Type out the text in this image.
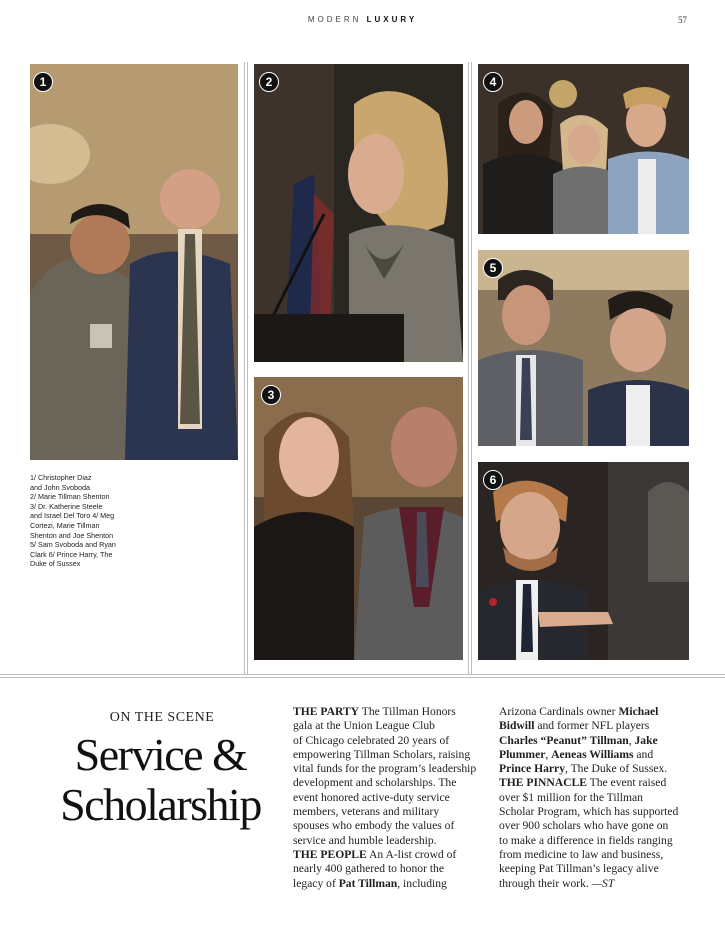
MODERN LUXURY	57
1
1/ Christopher Diaz
and John Svoboda
2/ Marie Tillman Shenton
3/ Dr. Katherine Steele
and Israel Del Toro 4/ Meg
Cortezi, Marie Tillman
Shenton and Joe Shenton
5/ Sam Svoboda and Ryan
Clark 6/ Prince Harry, The
Duke of Sussex
2
3
4
5
6
ON THE SCENE
Service &
Scholarship
THE PARTY The Tillman Honors
gala at the Union League Club
of Chicago celebrated 20 years of
empowering Tillman Scholars, raising
vital funds for the program’s leadership
development and scholarships. The
event honored active-duty service
members, veterans and military
spouses who embody the values of
service and humble leadership.
THE PEOPLE An A-list crowd of
nearly 400 gathered to honor the
legacy of Pat Tillman, including
Arizona Cardinals owner Michael
Bidwill and former NFL players
Charles “Peanut” Tillman, Jake
Plummer, Aeneas Williams and
Prince Harry, The Duke of Sussex.
THE PINNACLE The event raised
over $1 million for the Tillman
Scholar Program, which has supported
over 900 scholars who have gone on
to make a difference in fields ranging
from medicine to law and business,
keeping Pat Tillman’s legacy alive
through their work. —ST
